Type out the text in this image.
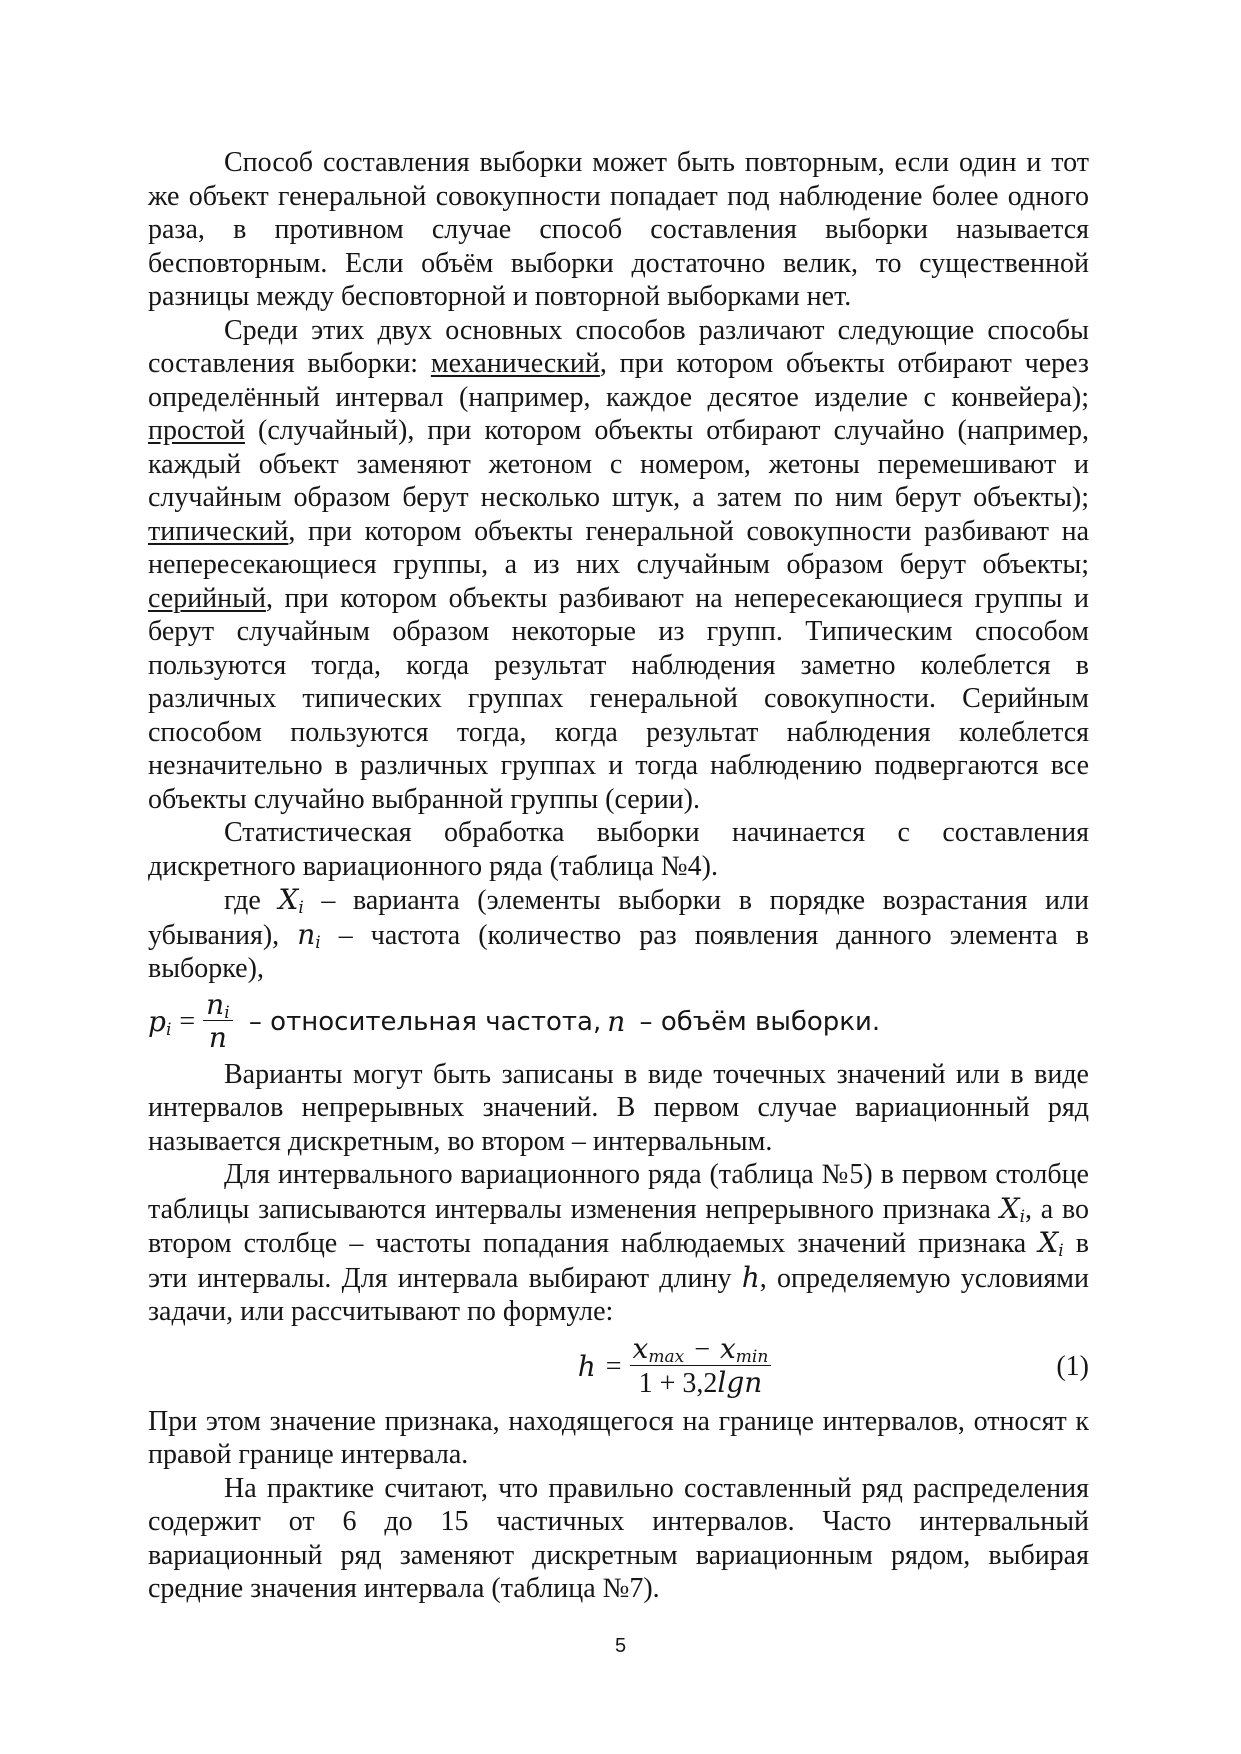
Способ составления выборки может быть повторным, если один и тот же объект генеральной совокупности попадает под наблюдение более одного раза, в противном случае способ составления выборки называется бесповторным. Если объём выборки достаточно велик, то существенной разницы между бесповторной и повторной выборками нет.

Среди этих двух основных способов различают следующие способы составления выборки: механический, при котором объекты отбирают через определённый интервал (например, каждое десятое изделие с конвейера); простой (случайный), при котором объекты отбирают случайно (например, каждый объект заменяют жетоном с номером, жетоны перемешивают и случайным образом берут несколько штук, а затем по ним берут объекты); типический, при котором объекты генеральной совокупности разбивают на непересекающиеся группы, а из них случайным образом берут объекты; серийный, при котором объекты разбивают на непересекающиеся группы и берут случайным образом некоторые из групп. Типическим способом пользуются тогда, когда результат наблюдения заметно колеблется в различных типических группах генеральной совокупности. Серийным способом пользуются тогда, когда результат наблюдения колеблется незначительно в различных группах и тогда наблюдению подвергаются все объекты случайно выбранной группы (серии).

Статистическая обработка выборки начинается с составления дискретного вариационного ряда (таблица №4).

где $X_i$ – варианта (элементы выборки в порядке возрастания или убывания), $n_i$ – частота (количество раз появления данного элемента в выборке),

$p_i = \frac{n_i}{n}$ – относительная частота, n – объём выборки.

Варианты могут быть записаны в виде точечных значений или в виде интервалов непрерывных значений. В первом случае вариационный ряд называется дискретным, во втором – интервальным.

Для интервального вариационного ряда (таблица №5) в первом столбце таблицы записываются интервалы изменения непрерывного признака $X_i$, а во втором столбце – частоты попадания наблюдаемых значений признака $X_i$ в эти интервалы. Для интервала выбирают длину h, определяемую условиями задачи, или рассчитывают по формуле:

$h = \frac{x_{max} - x_{min}}{1 + 3,2\lg n}$	(1)

При этом значение признака, находящегося на границе интервалов, относят к правой границе интервала.

На практике считают, что правильно составленный ряд распределения содержит от 6 до 15 частичных интервалов. Часто интервальный вариационный ряд заменяют дискретным вариационным рядом, выбирая средние значения интервала (таблица №7).

5
